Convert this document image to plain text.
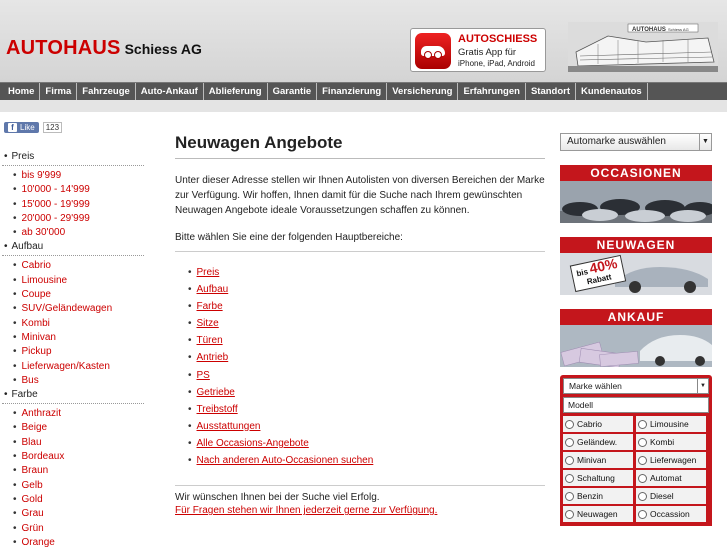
AUTOHAUS Schiess AG
AUTOSCHIESS
Gratis App für
iPhone, iPad, Android
AUTOHAUS Schiess AG
Home	Firma	Fahrzeuge	Auto-Ankauf	Ablieferung	Garantie	Finanzierung	Versicherung	Erfahrungen	Standort	Kundenautos
f Like	123
• Preis
• bis 9'999
• 10'000 - 14'999
• 15'000 - 19'999
• 20'000 - 29'999
• ab 30'000
• Aufbau
• Cabrio
• Limousine
• Coupe
• SUV/Geländewagen
• Kombi
• Minivan
• Pickup
• Lieferwagen/Kasten
• Bus
• Farbe
• Anthrazit
• Beige
• Blau
• Bordeaux
• Braun
• Gelb
• Gold
• Grau
• Grün
• Orange
Neuwagen Angebote

Unter dieser Adresse stellen wir Ihnen Autolisten von diversen Bereichen der Marke zur Verfügung. Wir hoffen, Ihnen damit für die Suche nach Ihrem gewünschten Neuwagen Angebote ideale Voraussetzungen schaffen zu können.

Bitte wählen Sie eine der folgenden Hauptbereiche:

• Preis
• Aufbau
• Farbe
• Sitze
• Türen
• Antrieb
• PS
• Getriebe
• Treibstoff
• Ausstattungen
• Alle Occasions-Angebote
• Nach anderen Auto-Occasionen suchen
Wir wünschen Ihnen bei der Suche viel Erfolg.
Für Fragen stehen wir Ihnen jederzeit gerne zur Verfügung.
Automarke auswählen	▼
OCCASIONEN
NEUWAGEN
bis 40%
Rabatt
ANKAUF
Marke wählen	▼
Modell
Cabrio	Limousine
Geländew.	Kombi
Minivan	Lieferwagen
Schaltung	Automat
Benzin	Diesel
Neuwagen	Occassion
